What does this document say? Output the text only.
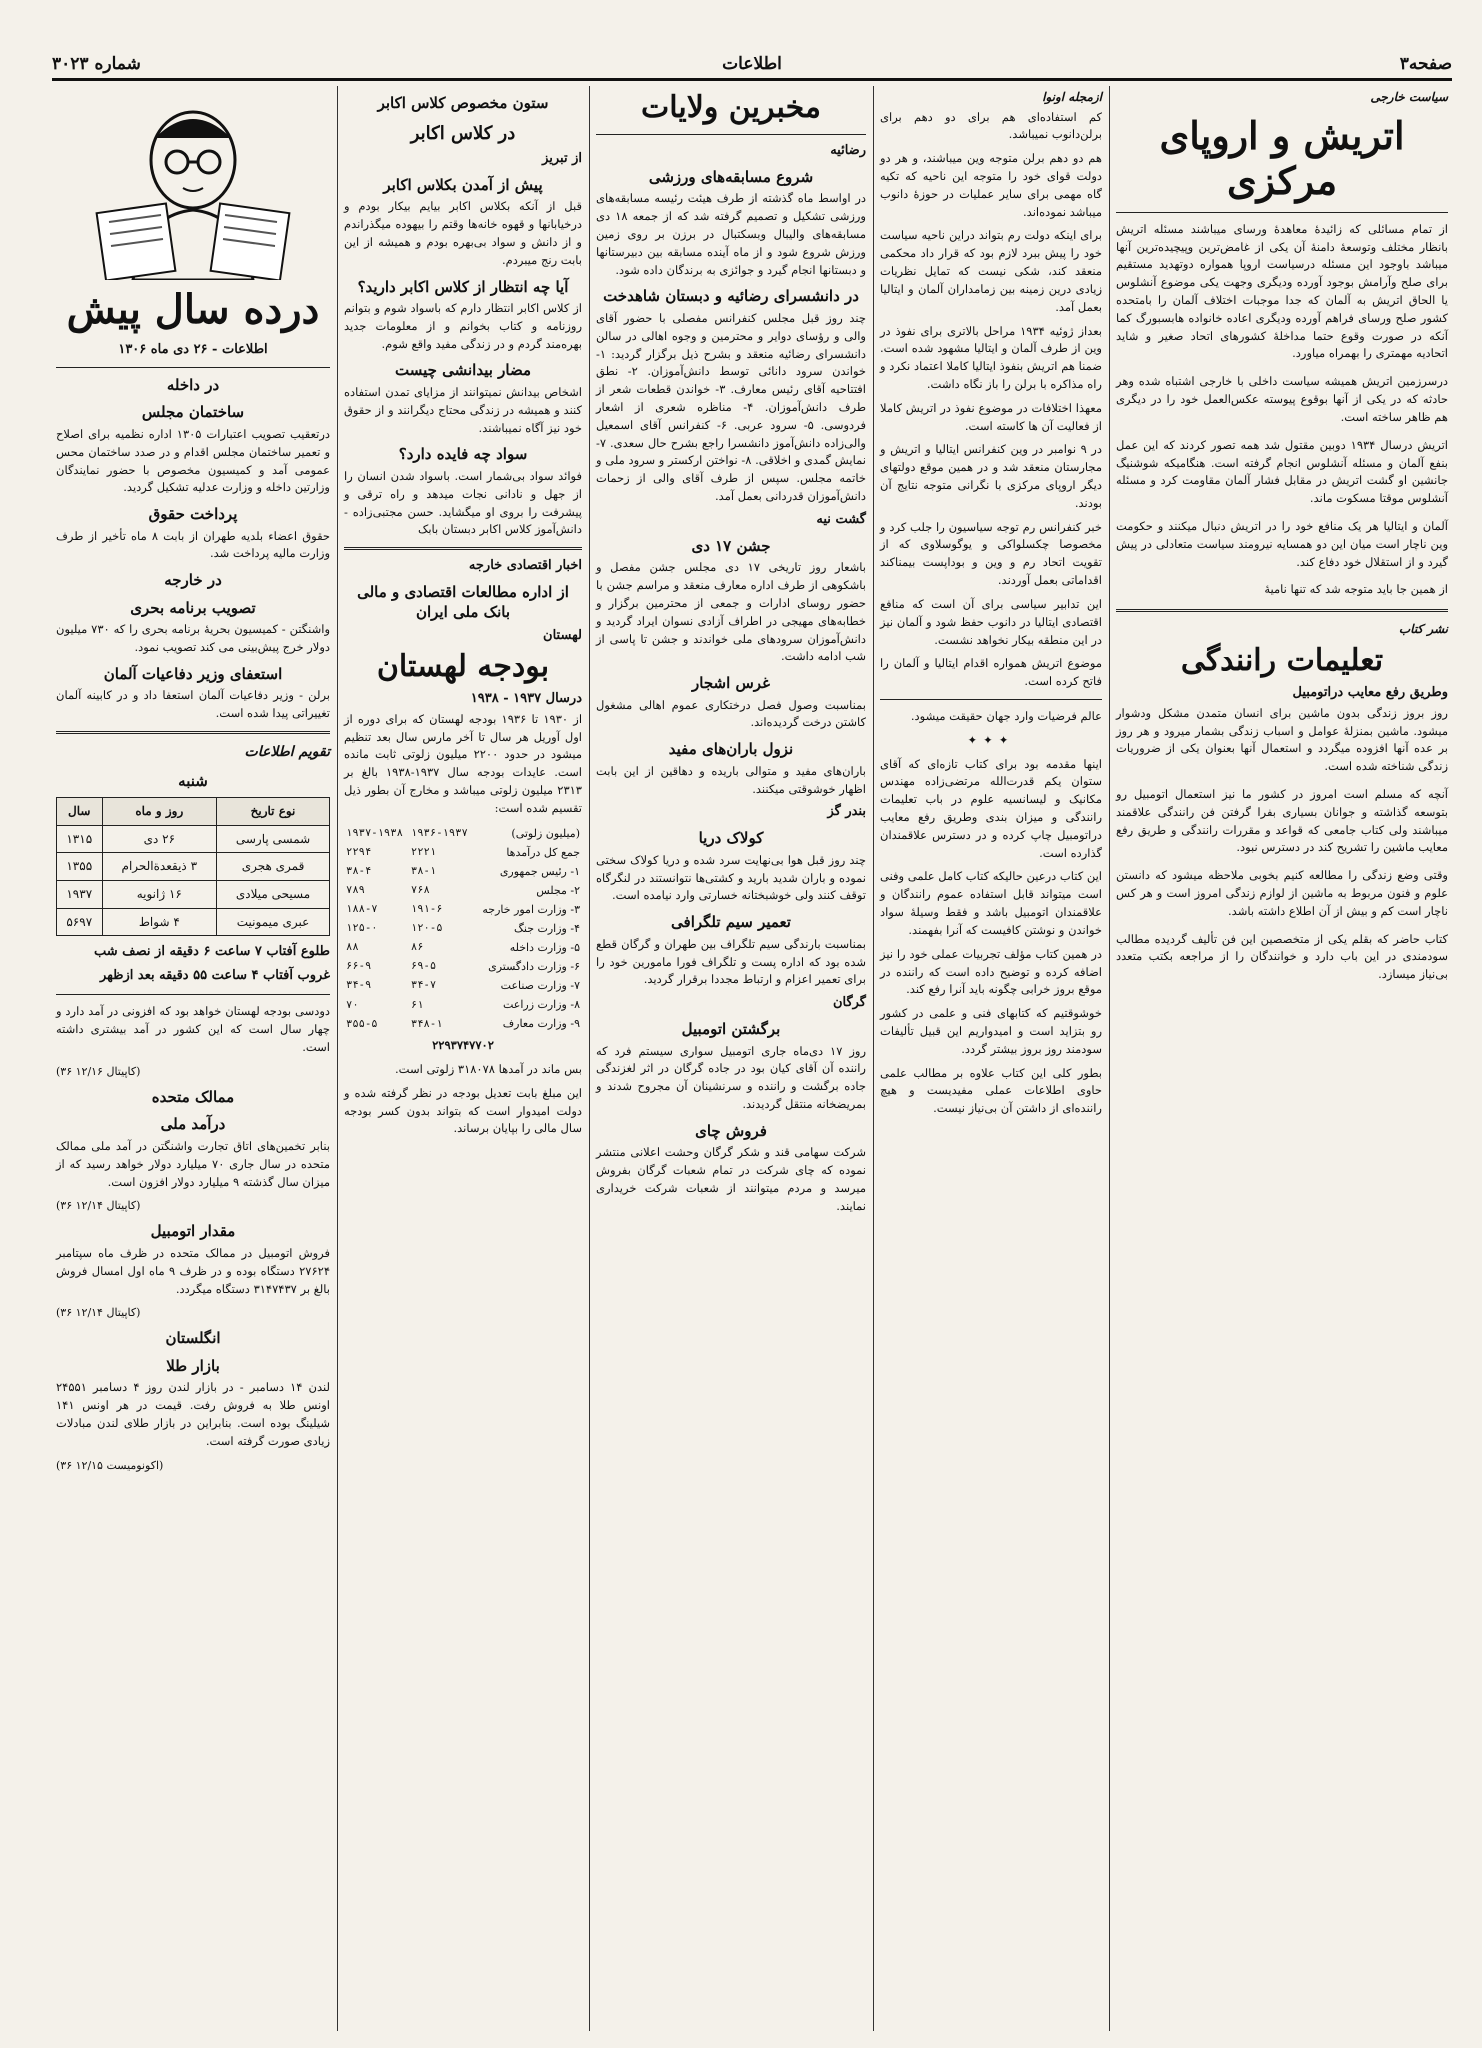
صفحه۳
اطلاعات
شماره ۳۰۲۳
سیاست خارجی
اتریش و اروپای مرکزی

از تمام مسائلی که زائیدهٔ معاهدهٔ ورسای میباشند مسئله اتریش بانظار مختلف وتوسعهٔ دامنهٔ آن یکی از غامض‌ترین وپیچیده‌ترین آنها میباشد باوجود این مسئله درسیاست اروپا همواره دوتهدید مستقیم برای صلح وآرامش بوجود آورده ودیگری وجهت یکی موضوع آنشلوس یا الحاق اتریش به آلمان که جدا موجبات اختلاف آلمان را بامتحده کشور صلح ورسای فراهم آورده ودیگری اعاده خانواده هابسبورگ کما آنکه در صورت وقوع حتما مداخلهٔ کشورهای اتحاد صغیر و شاید اتحادیه مهمتری را بهمراه میاورد.

درسرزمین اتریش همیشه سیاست داخلی با خارجی اشتباه شده وهر حادثه که در یکی از آنها بوقوع پیوسته عکس‌العمل خود را در دیگری هم ظاهر ساخته است.

اتریش درسال ۱۹۳۴ دوبین مقتول شد همه تصور کردند که این عمل بنفع آلمان و مسئله آنشلوس انجام گرفته است. هنگامیکه شوشنیگ جانشین او گشت اتریش در مقابل فشار آلمان مقاومت کرد و مسئله آنشلوس موقتا مسکوت ماند.

آلمان و ایتالیا هر یک منافع خود را در اتریش دنبال میکنند و حکومت وین ناچار است میان این دو همسایه نیرومند سیاست متعادلی در پیش گیرد و از استقلال خود دفاع کند.

از همین جا باید متوجه شد که تنها نامیهٔ

نشر کتاب
تعلیمات رانندگی
وطریق رفع معایب دراتومبیل

روز بروز زندگی بدون ماشین برای انسان متمدن مشکل ودشوار میشود. ماشین بمنزلهٔ عوامل و اسباب زندگی بشمار میرود و هر روز بر عده آنها افزوده میگردد و استعمال آنها بعنوان یکی از ضروریات زندگی شناخته شده است.

آنچه که مسلم است امروز در کشور ما نیز استعمال اتومبیل رو بتوسعه گذاشته و جوانان بسیاری بفرا گرفتن فن رانندگی علاقمند میباشند ولی کتاب جامعی که قواعد و مقررات رانندگی و طریق رفع معایب ماشین را تشریح کند در دسترس نبود.

وقتی وضع زندگی را مطالعه کنیم بخوبی ملاحظه میشود که دانستن علوم و فنون مربوط به ماشین از لوازم زندگی امروز است و هر کس ناچار است کم و بیش از آن اطلاع داشته باشد.

کتاب حاضر که بقلم یکی از متخصصین این فن تألیف گردیده مطالب سودمندی در این باب دارد و خوانندگان را از مراجعه بکتب متعدد بی‌نیاز میسازد.

ازمجله اونوا

کم استفاده‌ای هم برای دو دهم برای برلن‌دانوب نمیباشد.

هم دو دهم برلن متوجه وین میباشند، و هر دو دولت قوای خود را متوجه این ناحیه که تکیه گاه مهمی برای سایر عملیات در حوزهٔ دانوب میباشد نموده‌اند.

برای اینکه دولت رم بتواند دراین ناحیه سیاست خود را پیش ببرد لازم بود که قرار داد محکمی منعقد کند، شکی نیست که تمایل نظریات زیادی درین زمینه بین زمامداران آلمان و ایتالیا بعمل آمد.

بعداز ژوئیه ۱۹۳۴ مراحل بالاتری برای نفوذ در وین از طرف آلمان و ایتالیا مشهود شده است. ضمنا هم اتریش بنفوذ ایتالیا کاملا اعتماد نکرد و راه مذاکره با برلن را باز نگاه داشت.

معهذا اختلافات در موضوع نفوذ در اتریش کاملا از فعالیت آن ها کاسته است.

در ۹ نوامبر در وین کنفرانس ایتالیا و اتریش و مجارستان منعقد شد و در همین موقع دولتهای دیگر اروپای مرکزی با نگرانی متوجه نتایج آن بودند.

خبر کنفرانس رم توجه سیاسیون را جلب کرد و مخصوصا چکسلواکی و یوگوسلاوی که از تقویت اتحاد رم و وین و بوداپست بیمناکند اقداماتی بعمل آوردند.

این تدابیر سیاسی برای آن است که منافع اقتصادی ایتالیا در دانوب حفظ شود و آلمان نیز در این منطقه بیکار نخواهد نشست.

موضوع اتریش همواره اقدام ایتالیا و آلمان را فاتح کرده است.

عالم فرضیات وارد جهان حقیقت میشود.

✦✦✦

اینها مقدمه بود برای کتاب تازه‌ای که آقای ستوان یکم قدرت‌الله مرتضی‌زاده مهندس مکانیک و لیسانسیه علوم در باب تعلیمات رانندگی و میزان بندی وطریق رفع معایب دراتومبیل چاپ کرده و در دسترس علاقمندان گذارده است.

این کتاب درعین حالیکه کتاب کامل علمی وفنی است میتواند قابل استفاده عموم رانندگان و علاقمندان اتومبیل باشد و فقط وسیلهٔ سواد خواندن و نوشتن کافیست که آنرا بفهمند.

در همین کتاب مؤلف تجربیات عملی خود را نیز اضافه کرده و توضیح داده است که راننده در موقع بروز خرابی چگونه باید آنرا رفع کند.

خوشوقتیم که کتابهای فنی و علمی در کشور رو بتزاید است و امیدواریم این قبیل تألیفات سودمند روز بروز بیشتر گردد.

بطور کلی این کتاب علاوه بر مطالب علمی حاوی اطلاعات عملی مفیدیست و هیچ راننده‌ای از داشتن آن بی‌نیاز نیست.

مخبرین ولایات
رضائیه
شروع مسابقه‌های ورزشی

در اواسط ماه گذشته از طرف هیئت رئیسه مسابقه‌های ورزشی تشکیل و تصمیم گرفته شد که از جمعه ۱۸ دی مسابقه‌های والیبال وبسکتبال در برزن بر روی زمین ورزش شروع شود و از ماه آینده مسابقه بین دبیرستانها و دبستانها انجام گیرد و جوائزی به برندگان داده شود.

در دانشسرای رضائیه و دبستان شاهدخت

چند روز قبل مجلس کنفرانس مفصلی با حضور آقای والی و رؤسای دوایر و محترمین و وجوه اهالی در سالن دانشسرای رضائیه منعقد و بشرح ذیل برگزار گردید: ۱- خواندن سرود دانائی توسط دانش‌آموزان. ۲- نطق افتتاحیه آقای رئیس معارف. ۳- خواندن قطعات شعر از طرف دانش‌آموزان. ۴- مناظره شعری از اشعار فردوسی. ۵- سرود عربی. ۶- کنفرانس آقای اسمعیل والی‌زاده دانش‌آموز دانشسرا راجع بشرح حال سعدی. ۷- نمایش گمدی و اخلاقی. ۸- نواختن ارکستر و سرود ملی و خاتمه مجلس. سپس از طرف آقای والی از زحمات دانش‌آموزان قدردانی بعمل آمد.

گشت نیه
جشن ۱۷ دی

باشعار روز تاریخی ۱۷ دی مجلس جشن مفصل و باشکوهی از طرف اداره معارف منعقد و مراسم جشن با حضور روسای ادارات و جمعی از محترمین برگزار و خطابه‌های مهیجی در اطراف آزادی نسوان ایراد گردید و دانش‌آموزان سرودهای ملی خواندند و جشن تا پاسی از شب ادامه داشت.

غرس اشجار

بمناسبت وصول فصل درختکاری عموم اهالی مشغول کاشتن درخت گردیده‌اند.

نزول باران‌های مفید

باران‌های مفید و متوالی باریده و دهاقین از این بابت اظهار خوشوقتی میکنند.

بندر گز
کولاک دریا

چند روز قبل هوا بی‌نهایت سرد شده و دریا کولاک سختی نموده و باران شدید بارید و کشتی‌ها نتوانستند در لنگرگاه توقف کنند ولی خوشبختانه خسارتی وارد نیامده است.

تعمیر سیم تلگرافی

بمناسبت بارندگی سیم تلگراف بین طهران و گرگان قطع شده بود که اداره پست و تلگراف فورا مامورین خود را برای تعمیر اعزام و ارتباط مجددا برقرار گردید.

گرگان
برگشتن اتومبیل

روز ۱۷ دی‌ماه جاری اتومبیل سواری سیستم فرد که راننده آن آقای کیان بود در جاده گرگان در اثر لغزندگی جاده برگشت و راننده و سرنشینان آن مجروح شدند و بمریضخانه منتقل گردیدند.

فروش چای

شرکت سهامی قند و شکر گرگان وحشت اعلانی منتشر نموده که چای شرکت در تمام شعبات گرگان بفروش میرسد و مردم میتوانند از شعبات شرکت خریداری نمایند.

ستون مخصوص کلاس اکابر
در کلاس اکابر
از تبریز
پیش از آمدن بکلاس اکابر

قبل از آنکه بکلاس اکابر بیایم بیکار بودم و درخیابانها و قهوه خانه‌ها وقتم را بیهوده میگذراندم و از دانش و سواد بی‌بهره بودم و همیشه از این بابت رنج میبردم.

آیا چه انتظار از کلاس اکابر دارید؟

از کلاس اکابر انتظار دارم که باسواد شوم و بتوانم روزنامه و کتاب بخوانم و از معلومات جدید بهره‌مند گردم و در زندگی مفید واقع شوم.

مضار بیدانشی چیست

اشخاص بیدانش نمیتوانند از مزایای تمدن استفاده کنند و همیشه در زندگی محتاج دیگرانند و از حقوق خود نیز آگاه نمیباشند.

سواد چه فایده دارد؟

فوائد سواد بی‌شمار است. باسواد شدن انسان را از جهل و نادانی نجات میدهد و راه ترقی و پیشرفت را بروی او میگشاید. حسن مجتبی‌زاده - دانش‌آموز کلاس اکابر دبستان بابک

اخبار اقتصادی خارجه
از اداره مطالعات اقتصادی و مالی بانک ملی ایران
لهستان
بودجه لهستان
درسال ۱۹۳۷ - ۱۹۳۸

از ۱۹۳۰ تا ۱۹۳۶ بودجه لهستان که برای دوره از اول آوریل هر سال تا آخر مارس سال بعد تنظیم میشود در حدود ۲۲۰۰ میلیون زلوتی ثابت مانده است. عایدات بودجه سال ۱۹۳۷-۱۹۳۸ بالغ بر ۲۳۱۳ میلیون زلوتی میباشد و مخارج آن بطور ذیل تقسیم شده است:

(میلیون زلوتی)	۱۹۳۶-۱۹۳۷	۱۹۳۷-۱۹۳۸
جمع کل درآمدها	۲۲۲۱	۲۲۹۴
۱- رئیس جمهوری	۳۸-۱	۳۸-۴
۲- مجلس	۷۶۸	۷۸۹
۳- وزارت امور خارجه	۱۹۱-۶	۱۸۸-۷
۴- وزارت جنگ	۱۲۰-۵	۱۲۵-۰
۵- وزارت داخله	۸۶	۸۸
۶- وزارت دادگستری	۶۹-۵	۶۶-۹
۷- وزارت صناعت	۳۴-۷	۳۴-۹
۸- وزارت زراعت	۶۱	۷۰
۹- وزارت معارف	۳۴۸-۱	۳۵۵-۵

۲۲۹۳۷۴۷۷۰۲

بس ماند در آمدها ۳۱۸۰۷۸ زلوتی است.

این مبلغ بابت تعدیل بودجه در نظر گرفته شده و دولت امیدوار است که بتواند بدون کسر بودجه سال مالی را بپایان برساند.

درده سال پیش
اطلاعات - ۲۶ دی ماه ۱۳۰۶
در داخله
ساختمان مجلس

درتعقیب تصویب اعتبارات ۱۳۰۵ اداره نظمیه برای اصلاح و تعمیر ساختمان مجلس اقدام و در صدد ساختمان محس عمومی آمد و کمیسیون مخصوص با حضور نمایندگان وزارتین داخله و وزارت عدلیه تشکیل گردید.

پرداخت حقوق

حقوق اعضاء بلدیه طهران از بابت ۸ ماه تأخیر از طرف وزارت مالیه پرداخت شد.

در خارجه
تصویب برنامه بحری

واشنگتن - کمیسیون بحریهٔ برنامه بحری را که ۷۳۰ میلیون دولار خرج پیش‌بینی می کند تصویب نمود.

استعفای وزیر دفاعیات آلمان

برلن - وزیر دفاعیات آلمان استعفا داد و در کابینه آلمان تغییراتی پیدا شده است.

تقویم اطلاعات
شنبه
نوع تاریخ	روز و ماه	سال
شمسی پارسی	۲۶ دی	۱۳۱۵
قمری هجری	۳ ذیقعدة‌الحرام	۱۳۵۵
مسیحی میلادی	۱۶ ژانویه	۱۹۳۷
عبری میمونیت	۴ شواط	۵۶۹۷
طلوع آفتاب ۷ ساعت ۶ دقیقه از نصف شب
غروب آفتاب ۴ ساعت ۵۵ دقیقه بعد ازظهر

دودسی بودجه لهستان خواهد بود که افزونی در آمد دارد و چهار سال است که این کشور در آمد بیشتری داشته است.

(کاپیتال ۱۲/۱۶ ۳۶)
ممالک متحده
درآمد ملی

بنابر تخمین‌های اتاق تجارت واشنگتن در آمد ملی ممالک متحده در سال جاری ۷۰ میلیارد دولار خواهد رسید که از میزان سال گذشته ۹ میلیارد دولار افزون است.

(کاپیتال ۱۲/۱۴ ۳۶)
مقدار اتومبیل

فروش اتومبیل در ممالک متحده در ظرف ماه سپتامبر ۲۷۶۲۴ دستگاه بوده و در ظرف ۹ ماه اول امسال فروش بالغ بر ۳۱۴۷۴۳۷ دستگاه میگردد.

(کاپیتال ۱۲/۱۴ ۳۶)
انگلستان
بازار طلا

لندن ۱۴ دسامبر - در بازار لندن روز ۴ دسامبر ۲۴۵۵۱ اونس طلا به فروش رفت. قیمت در هر اونس ۱۴۱ شیلینگ بوده است. بنابراین در بازار طلای لندن مبادلات زیادی صورت گرفته است.

(اکونومیست ۱۲/۱۵ ۳۶)
